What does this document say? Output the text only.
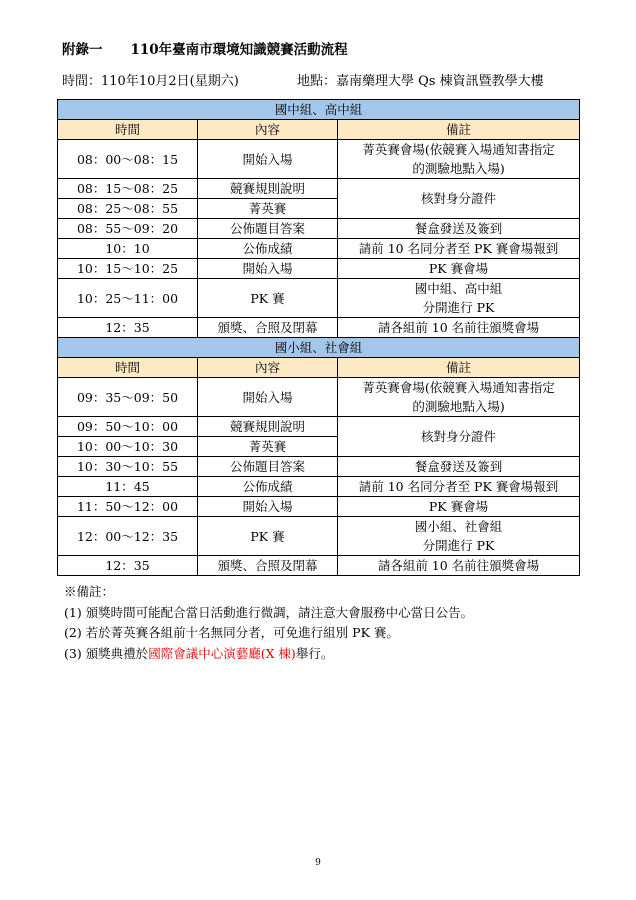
附錄一 110年臺南市環境知識競賽活動流程
時間：110年10月2日(星期六)	地點：嘉南藥理大學 Qs 棟資訊暨教學大樓
國中組、高中組		
時間	內容	備註
08：00～08：15	開始入場	菁英賽會場(依競賽入場通知書指定
的測驗地點入場)

08：15～08：25	競賽規則說明	核對身分證件
08：25～08：55	菁英賽	
08：55～09：20	公佈題目答案	餐盒發送及簽到
10：10	公佈成績	請前 10 名同分者至 PK 賽會場報到
10：15～10：25	開始入場	PK 賽會場
10：25～11：00	PK 賽	國中組、高中組
分開進行 PK

12：35	頒獎、合照及閉幕	請各組前 10 名前往頒獎會場
國小組、社會組		
時間	內容	備註
09：35～09：50	開始入場	菁英賽會場(依競賽入場通知書指定
的測驗地點入場)

09：50～10：00	競賽規則說明	核對身分證件
10：00～10：30	菁英賽	
10：30～10：55	公佈題目答案	餐盒發送及簽到
11：45	公佈成績	請前 10 名同分者至 PK 賽會場報到
11：50～12：00	開始入場	PK 賽會場
12：00～12：35	PK 賽	國小組、社會組
分開進行 PK

12：35	頒獎、合照及閉幕	請各組前 10 名前往頒獎會場
※備註：
(1) 頒獎時間可能配合當日活動進行微調，請注意大會服務中心當日公告。
(2) 若於菁英賽各組前十名無同分者，可免進行組別 PK 賽。
(3) 頒獎典禮於國際會議中心演藝廳(X 棟)舉行。
9
